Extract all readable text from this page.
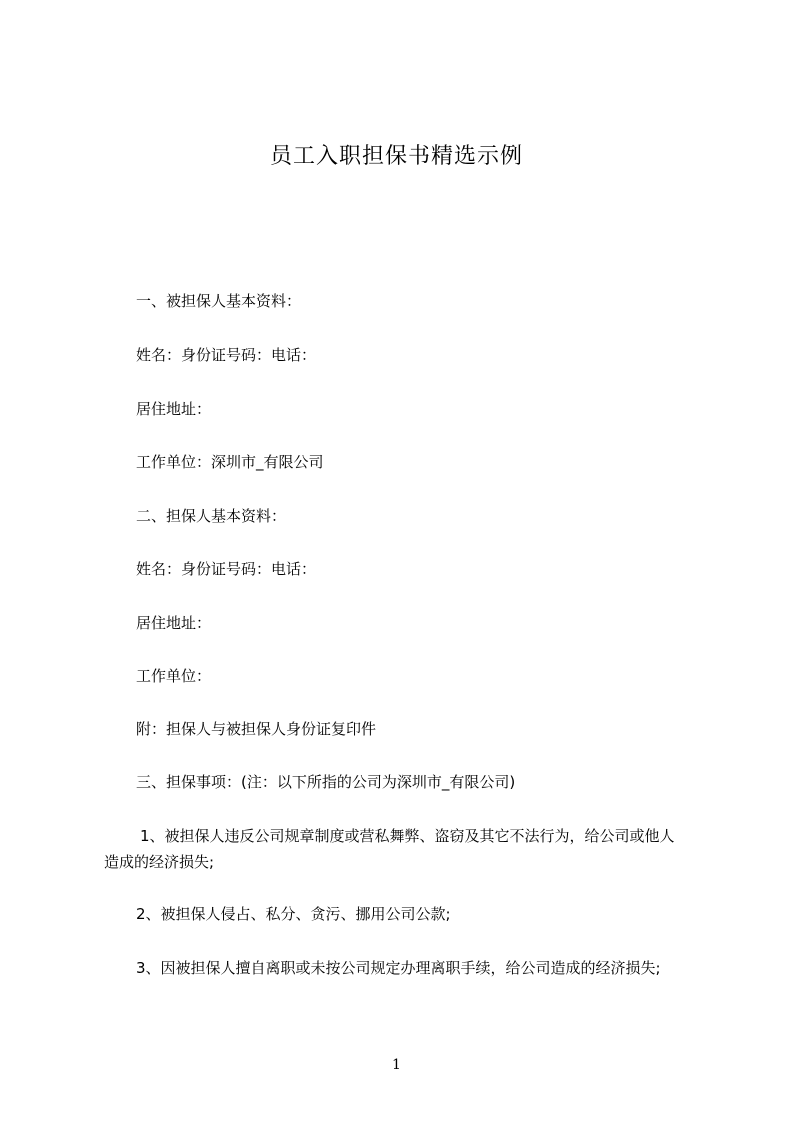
员工入职担保书精选示例
一、被担保人基本资料：
姓名：身份证号码：电话：
居住地址：
工作单位：深圳市_有限公司
二、担保人基本资料：
姓名：身份证号码：电话：
居住地址：
工作单位：
附：担保人与被担保人身份证复印件
三、担保事项：(注：以下所指的公司为深圳市_有限公司)
1、被担保人违反公司规章制度或营私舞弊、盗窃及其它不法行为，给公司或他人
造成的经济损失;
2、被担保人侵占、私分、贪污、挪用公司公款;
3、因被担保人擅自离职或未按公司规定办理离职手续，给公司造成的经济损失;
1
